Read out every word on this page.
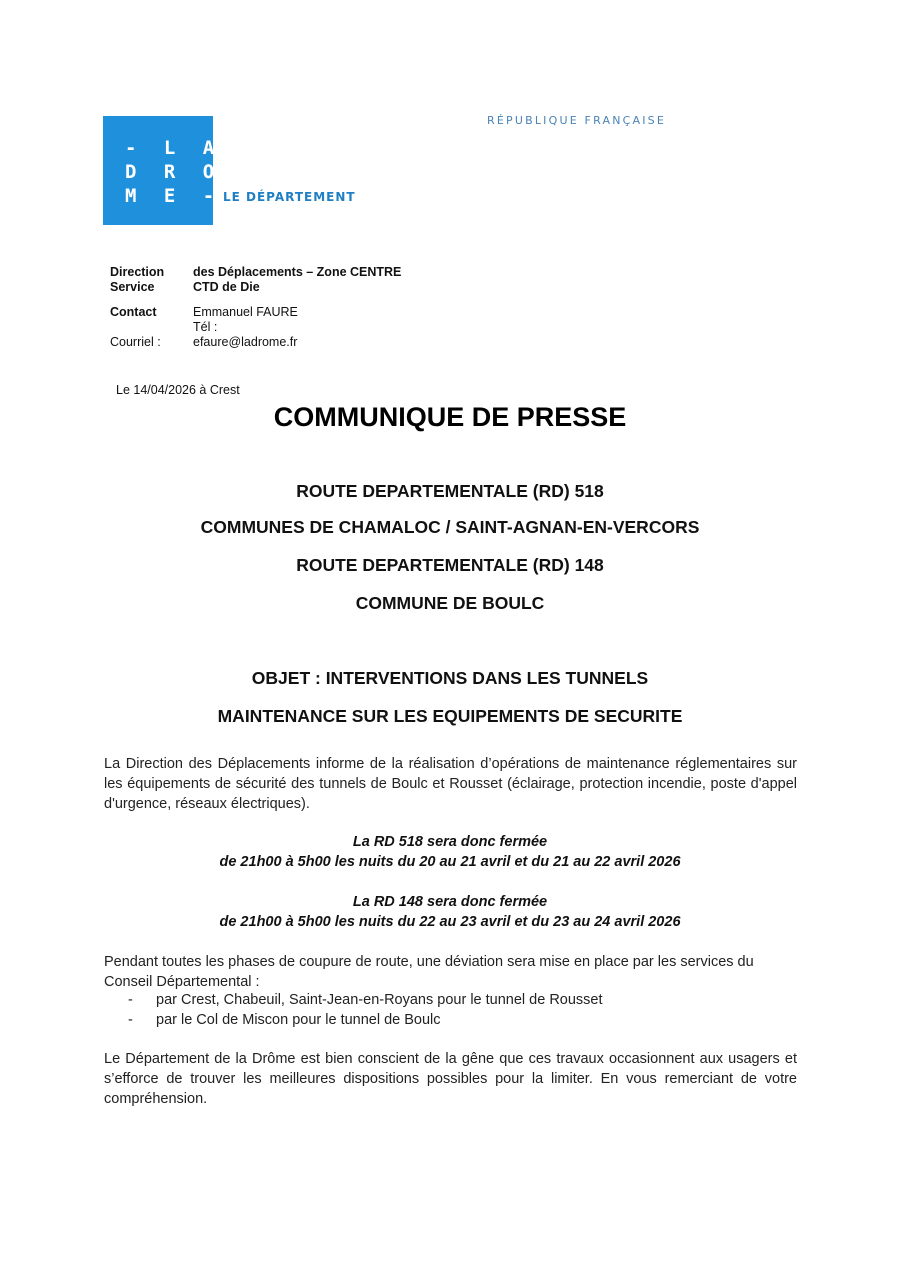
- L A
D R O
M E - LE DÉPARTEMENT
RÉPUBLIQUE FRANÇAISE
Direction	des Déplacements – Zone CENTRE
Service	CTD de Die
Contact	Emmanuel FAURE
Tél :
Courriel :	efaure@ladrome.fr
Le 14/04/2026 à Crest
COMMUNIQUE DE PRESSE
ROUTE DEPARTEMENTALE (RD) 518
COMMUNES DE CHAMALOC / SAINT-AGNAN-EN-VERCORS
ROUTE DEPARTEMENTALE (RD) 148
COMMUNE DE BOULC
OBJET : INTERVENTIONS DANS LES TUNNELS
MAINTENANCE SUR LES EQUIPEMENTS DE SECURITE
La Direction des Déplacements informe de la réalisation d’opérations de maintenance réglementaires sur les équipements de sécurité des tunnels de Boulc et Rousset (éclairage, protection incendie, poste d'appel d'urgence, réseaux électriques).
La RD 518 sera donc fermée
de 21h00 à 5h00 les nuits du 20 au 21 avril et du 21 au 22 avril 2026
La RD 148 sera donc fermée
de 21h00 à 5h00 les nuits du 22 au 23 avril et du 23 au 24 avril 2026
Pendant toutes les phases de coupure de route, une déviation sera mise en place par les services du Conseil Départemental :
-	par Crest, Chabeuil, Saint-Jean-en-Royans pour le tunnel de Rousset
-	par le Col de Miscon pour le tunnel de Boulc
Le Département de la Drôme est bien conscient de la gêne que ces travaux occasionnent aux usagers et s’efforce de trouver les meilleures dispositions possibles pour la limiter. En vous remerciant de votre compréhension.
